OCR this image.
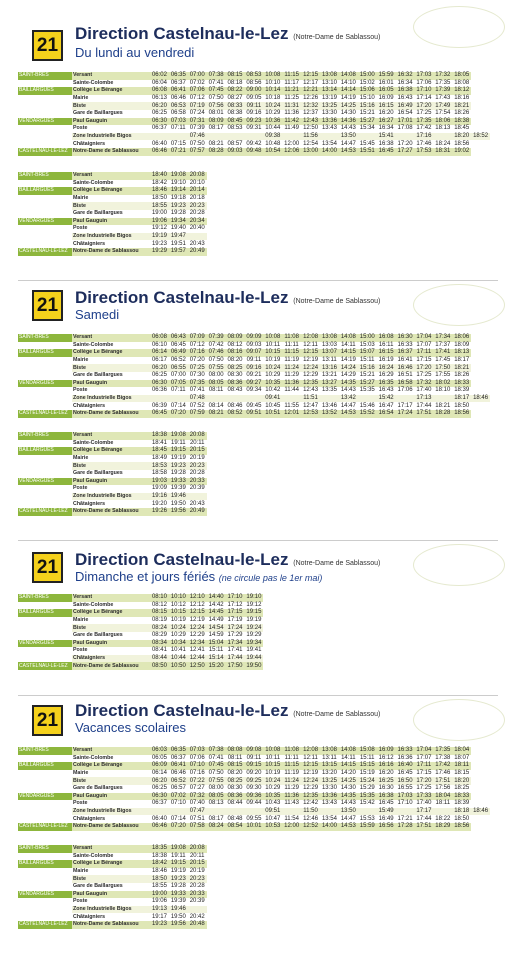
21
Direction Castelnau-le-Lez (Notre-Dame de Sablassou)
Du lundi au vendredi
SAINT-BRÈS	Versant	06:02	06:35	07:00	07:38	08:15	08:53	10:08	11:15	12:15	13:08	14:08	15:00	15:59	16:32	17:03	17:32	18:05	
	Sainte-Colombe	06:04	06:37	07:02	07:41	08:18	08:56	10:10	11:17	12:17	13:10	14:10	15:02	16:01	16:34	17:06	17:35	18:08	
BAILLARGUES	Collège Le Bérange	06:08	06:41	07:06	07:45	08:22	09:00	10:14	11:21	12:21	13:14	14:14	15:06	16:05	16:38	17:10	17:39	18:12	
	Mairie	06:13	06:46	07:12	07:50	08:27	09:05	10:18	11:25	12:26	13:19	14:19	15:10	16:09	16:43	17:14	17:43	18:16	
	Biste	06:20	06:53	07:19	07:56	08:33	09:11	10:24	11:31	12:32	13:25	14:25	15:16	16:15	16:49	17:20	17:49	18:21	
	Gare de Baillargues	06:25	06:58	07:24	08:01	08:38	09:16	10:29	11:36	12:37	13:30	14:30	15:21	16:20	16:54	17:25	17:54	18:26	
VENDARGUES	Paul Gauguin	06:30	07:03	07:31	08:09	08:45	09:23	10:36	11:42	12:43	13:36	14:36	15:27	16:27	17:01	17:35	18:06	18:38	
	Poste	06:37	07:11	07:39	08:17	08:53	09:31	10:44	11:49	12:50	13:43	14:43	15:34	16:34	17:08	17:42	18:13	18:45	
	Zone Industrielle Bigos			07:46				09:38		11:56		13:50		15:41		17:16		18:20	18:52
	Châtaigniers	06:40	07:15	07:50	08:21	08:57	09:42	10:48	12:00	12:54	13:54	14:47	15:45	16:38	17:20	17:46	18:24	18:56	
CASTELNAU-LE-LEZ	Notre-Dame de Sablassou	06:46	07:21	07:57	08:28	09:03	09:48	10:54	12:06	13:00	14:00	14:53	15:51	16:45	17:27	17:53	18:31	19:02	
SAINT-BRÈS	Versant	18:40	19:08	20:08
	Sainte-Colombe	18:42	19:10	20:10
BAILLARGUES	Collège Le Bérange	18:46	19:14	20:14
	Mairie	18:50	19:18	20:18
	Biste	18:55	19:23	20:23
	Gare de Baillargues	19:00	19:28	20:28
VENDARGUES	Paul Gauguin	19:06	19:34	20:34
	Poste	19:12	19:40	20:40
	Zone Industrielle Bigos	19:19	19:47	
	Châtaigniers	19:23	19:51	20:43
CASTELNAU-LE-LEZ	Notre-Dame de Sablassou	19:29	19:57	20:49
21 Direction Castelnau-le-Lez (Notre-Dame de Sablassou)
Samedi
SAINT-BRÈS	Versant	06:08	06:43	07:09	07:39	08:09	09:09	10:08	11:08	12:08	13:08	14:08	15:00	16:08	16:30	17:04	17:34	18:06	
	Sainte-Colombe	06:10	06:45	07:12	07:42	08:12	09:03	10:11	11:11	12:11	13:03	14:11	15:03	16:11	16:33	17:07	17:37	18:09	
BAILLARGUES	Collège Le Bérange	06:14	06:49	07:16	07:46	08:16	09:07	10:15	11:15	12:15	13:07	14:15	15:07	16:15	16:37	17:11	17:41	18:13	
	Mairie	06:17	06:52	07:20	07:50	08:20	09:11	10:19	11:19	12:19	13:11	14:19	15:11	16:19	16:41	17:15	17:45	18:17	
	Biste	06:20	06:55	07:25	07:55	08:25	09:16	10:24	11:24	12:24	13:16	14:24	15:16	16:24	16:46	17:20	17:50	18:21	
	Gare de Baillargues	06:25	07:00	07:30	08:00	08:30	09:21	10:29	11:29	12:29	13:21	14:29	15:21	16:29	16:51	17:25	17:55	18:26	
VENDARGUES	Paul Gauguin	06:30	07:05	07:35	08:05	08:36	09:27	10:35	11:36	12:35	13:27	14:35	15:27	16:35	16:58	17:32	18:02	18:33	
	Poste	06:36	07:11	07:41	08:11	08:43	09:34	10:42	11:44	12:43	13:35	14:43	15:35	16:43	17:06	17:40	18:10	18:39	
	Zone Industrielle Bigos			07:48				09:41		11:51		13:42		15:42		17:13		18:17	18:46
	Châtaigniers	06:39	07:14	07:52	08:14	08:46	09:45	10:45	11:55	12:47	13:46	14:47	15:46	16:47	17:17	17:44	18:21	18:50	
CASTELNAU-LE-LEZ	Notre-Dame de Sablassou	06:45	07:20	07:59	08:21	08:52	09:51	10:51	12:01	12:53	13:52	14:53	15:52	16:54	17:24	17:51	18:28	18:56	
SAINT-BRÈS	Versant	18:38	19:08	20:08
	Sainte-Colombe	18:41	19:11	20:11
BAILLARGUES	Collège Le Bérange	18:45	19:15	20:15
	Mairie	18:49	19:19	20:19
	Biste	18:53	19:23	20:23
	Gare de Baillargues	18:58	19:28	20:28
VENDARGUES	Paul Gauguin	19:03	19:33	20:33
	Poste	19:09	19:39	20:39
	Zone Industrielle Bigos	19:16	19:46	
	Châtaigniers	19:20	19:50	20:43
CASTELNAU-LE-LEZ	Notre-Dame de Sablassou	19:26	19:56	20:49
21 Direction Castelnau-le-Lez (Notre-Dame de Sablassou)
Dimanche et jours fériés (ne circule pas le 1er mai)
SAINT-BRÈS	Versant	08:10	10:10	12:10	14:40	17:10	19:10
	Sainte-Colombe	08:12	10:12	12:12	14:42	17:12	19:12
BAILLARGUES	Collège Le Bérange	08:15	10:15	12:15	14:45	17:15	19:15
	Mairie	08:19	10:19	12:19	14:49	17:19	19:19
	Biste	08:24	10:24	12:24	14:54	17:24	19:24
	Gare de Baillargues	08:29	10:29	12:29	14:59	17:29	19:29
VENDARGUES	Paul Gauguin	08:34	10:34	12:34	15:04	17:34	19:34
	Poste	08:41	10:41	12:41	15:11	17:41	19:41
	Châtaigniers	08:44	10:44	12:44	15:14	17:44	19:44
CASTELNAU-LE-LEZ	Notre-Dame de Sablassou	08:50	10:50	12:50	15:20	17:50	19:50
21 Direction Castelnau-le-Lez (Notre-Dame de Sablassou)
Vacances scolaires
SAINT-BRÈS	Versant	06:03	06:35	07:03	07:38	08:08	09:08	10:08	11:08	12:08	13:08	14:08	15:08	16:09	16:33	17:04	17:35	18:04	
	Sainte-Colombe	06:05	06:37	07:06	07:41	08:11	09:11	10:11	11:11	12:11	13:11	14:11	15:11	16:12	16:36	17:07	17:38	18:07	
BAILLARGUES	Collège Le Bérange	06:09	06:41	07:10	07:45	08:15	09:15	10:15	11:15	12:15	13:15	14:15	15:15	16:16	16:40	17:11	17:42	18:11	
	Mairie	06:14	06:46	07:16	07:50	08:20	09:20	10:19	11:19	12:19	13:20	14:20	15:19	16:20	16:45	17:15	17:46	18:15	
	Biste	06:20	06:52	07:22	07:55	08:25	09:25	10:24	11:24	12:24	13:25	14:25	15:24	16:25	16:50	17:20	17:51	18:20	
	Gare de Baillargues	06:25	06:57	07:27	08:00	08:30	09:30	10:29	11:29	12:29	13:30	14:30	15:29	16:30	16:55	17:25	17:56	18:25	
VENDARGUES	Paul Gauguin	06:30	07:02	07:32	08:05	08:36	09:36	10:35	11:36	12:35	13:36	14:35	15:35	16:38	17:03	17:33	18:04	18:33	
	Poste	06:37	07:10	07:40	08:13	08:44	09:44	10:43	11:43	12:42	13:43	14:43	15:42	16:45	17:10	17:40	18:11	18:39	
	Zone Industrielle Bigos			07:47				09:51		11:50		13:50		15:49		17:17		18:18	18:46
	Châtaigniers	06:40	07:14	07:51	08:17	08:48	09:55	10:47	11:54	12:46	13:54	14:47	15:53	16:49	17:21	17:44	18:22	18:50	
CASTELNAU-LE-LEZ	Notre-Dame de Sablassou	06:46	07:20	07:58	08:24	08:54	10:01	10:53	12:00	12:52	14:00	14:53	15:59	16:56	17:28	17:51	18:29	18:56	
SAINT-BRÈS	Versant	18:35	19:08	20:08
	Sainte-Colombe	18:38	19:11	20:11
BAILLARGUES	Collège Le Bérange	18:42	19:15	20:15
	Mairie	18:46	19:19	20:19
	Biste	18:50	19:23	20:23
	Gare de Baillargues	18:55	19:28	20:28
VENDARGUES	Paul Gauguin	19:00	19:33	20:33
	Poste	19:06	19:39	20:39
	Zone Industrielle Bigos	19:13	19:46	
	Châtaigniers	19:17	19:50	20:42
CASTELNAU-LE-LEZ	Notre-Dame de Sablassou	19:23	19:56	20:48
